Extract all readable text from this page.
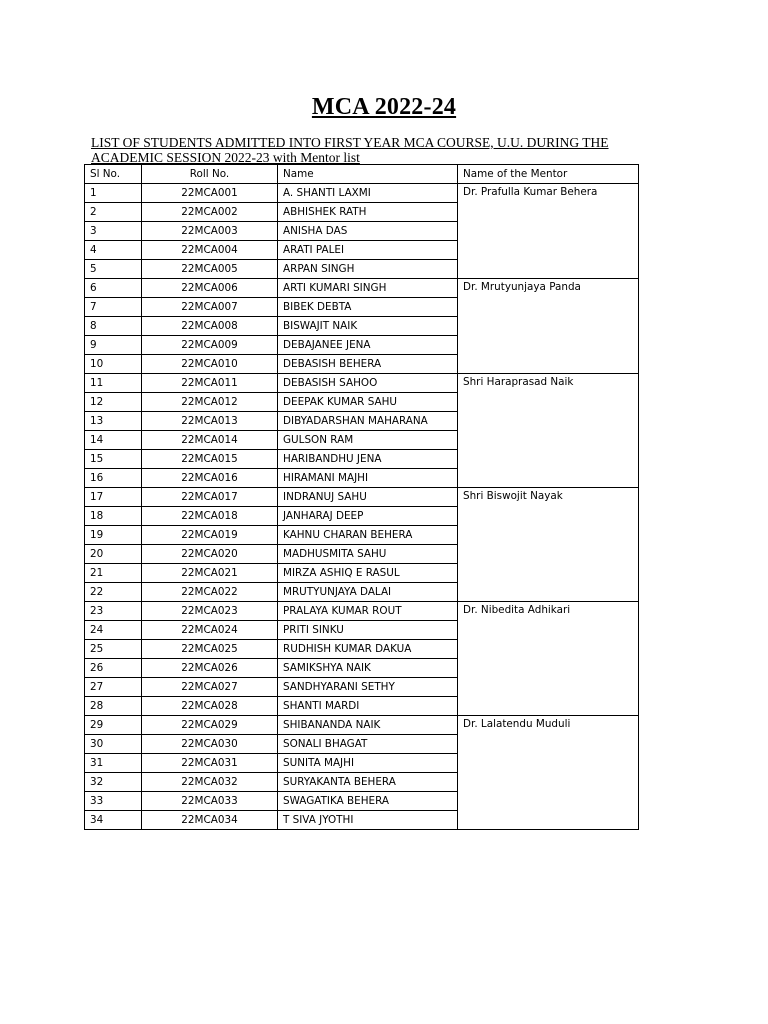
MCA 2022-24
LIST OF STUDENTS ADMITTED INTO FIRST YEAR MCA COURSE, U.U. DURING THE ACADEMIC SESSION 2022-23 with Mentor list
Sl No.	Roll No.	Name	Name of the Mentor
1	22MCA001	A. SHANTI LAXMI	Dr. Prafulla Kumar Behera
2	22MCA002	ABHISHEK RATH	
3	22MCA003	ANISHA DAS	
4	22MCA004	ARATI PALEI	
5	22MCA005	ARPAN SINGH	
6	22MCA006	ARTI KUMARI SINGH	Dr. Mrutyunjaya Panda
7	22MCA007	BIBEK DEBTA	
8	22MCA008	BISWAJIT NAIK	
9	22MCA009	DEBAJANEE JENA	
10	22MCA010	DEBASISH BEHERA	
11	22MCA011	DEBASISH SAHOO	Shri Haraprasad Naik
12	22MCA012	DEEPAK KUMAR SAHU	
13	22MCA013	DIBYADARSHAN MAHARANA	
14	22MCA014	GULSON RAM	
15	22MCA015	HARIBANDHU JENA	
16	22MCA016	HIRAMANI MAJHI	
17	22MCA017	INDRANUJ SAHU	Shri Biswojit Nayak
18	22MCA018	JANHARAJ DEEP	
19	22MCA019	KAHNU CHARAN BEHERA	
20	22MCA020	MADHUSMITA SAHU	
21	22MCA021	MIRZA ASHIQ E RASUL	
22	22MCA022	MRUTYUNJAYA DALAI	
23	22MCA023	PRALAYA KUMAR ROUT	Dr. Nibedita Adhikari
24	22MCA024	PRITI SINKU	
25	22MCA025	RUDHISH KUMAR DAKUA	
26	22MCA026	SAMIKSHYA NAIK	
27	22MCA027	SANDHYARANI SETHY	
28	22MCA028	SHANTI MARDI	
29	22MCA029	SHIBANANDA NAIK	Dr. Lalatendu Muduli
30	22MCA030	SONALI BHAGAT	
31	22MCA031	SUNITA MAJHI	
32	22MCA032	SURYAKANTA BEHERA	
33	22MCA033	SWAGATIKA BEHERA	
34	22MCA034	T SIVA JYOTHI	
